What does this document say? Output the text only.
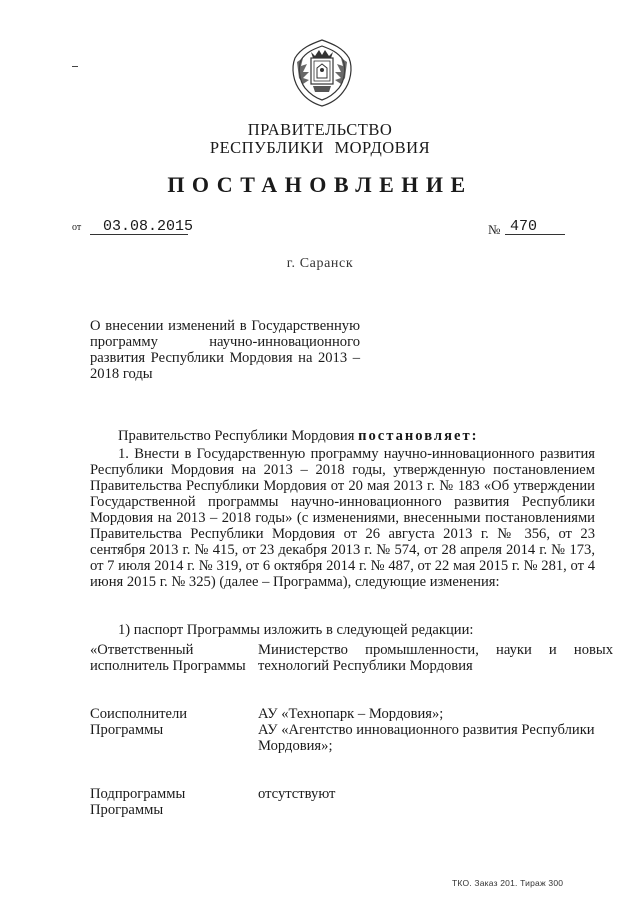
ПРАВИТЕЛЬСТВО
РЕСПУБЛИКИ МОРДОВИЯ
ПОСТАНОВЛЕНИЕ
от 03.08.2015	№ 470
г. Саранск
О внесении изменений в Государственную программу научно-инновационного развития Республики Мордовия на 2013 – 2018 годы
Правительство Республики Мордовия постановляет:

1. Внести в Государственную программу научно-инновационного развития Республики Мордовия на 2013 – 2018 годы, утвержденную постановлением Правительства Республики Мордовия от 20 мая 2013 г. № 183 «Об утверждении Государственной программы научно-инновационного развития Республики Мордовия на 2013 – 2018 годы» (с изменениями, внесенными постановлениями Правительства Республики Мордовия от 26 августа 2013 г. № 356, от 23 сентября 2013 г. № 415, от 23 декабря 2013 г. № 574, от 28 апреля 2014 г. № 173, от 7 июля 2014 г. № 319, от 6 октября 2014 г. № 487, от 22 мая 2015 г. № 281, от 4 июня 2015 г. № 325) (далее – Программа), следующие изменения:

1) паспорт Программы изложить в следующей редакции:
«Ответственный исполнитель Программы
Министерство промышленности, науки и новых технологий Республики Мордовия
Соисполнители Программы
АУ «Технопарк – Мордовия»;
АУ «Агентство инновационного развития Республики Мордовия»;
Подпрограммы Программы
отсутствуют
ТКО. Заказ 201. Тираж 300
